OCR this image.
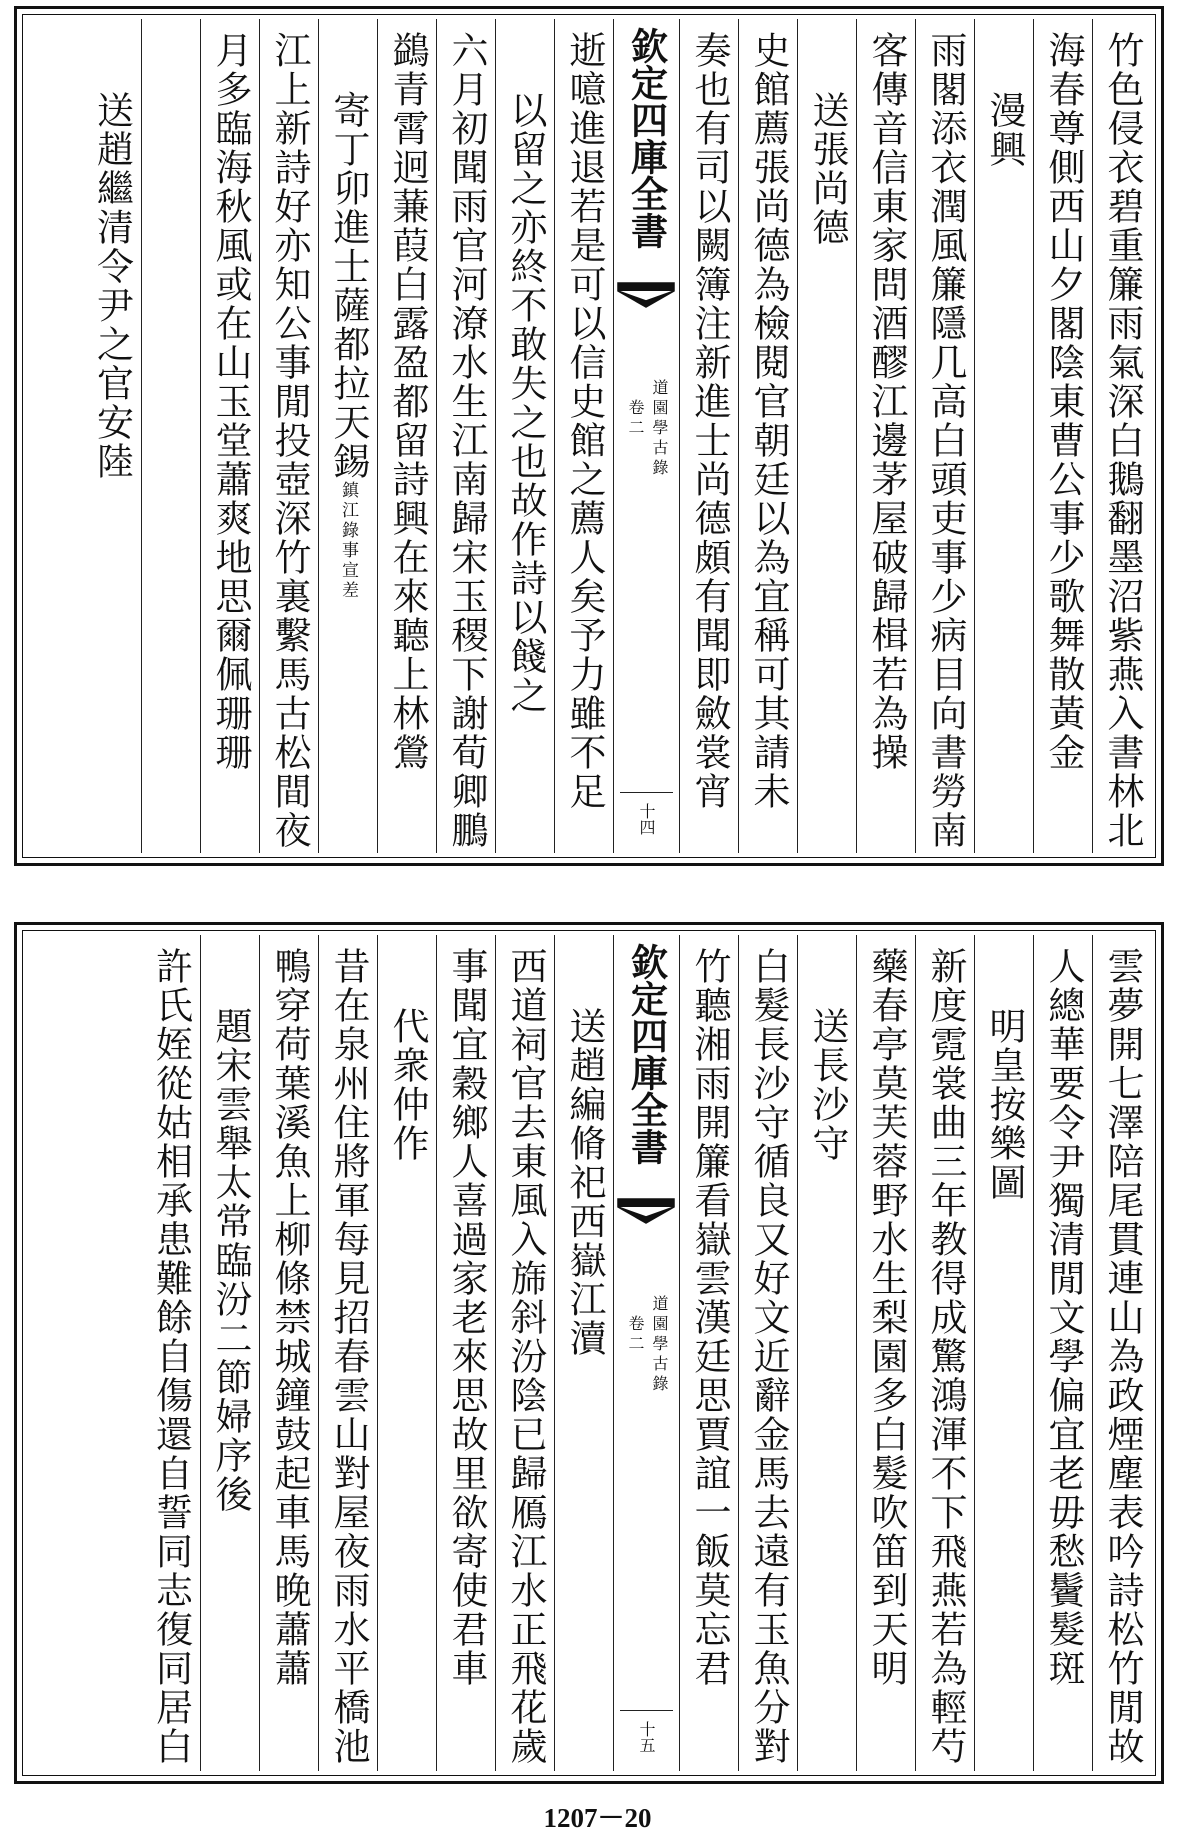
竹色侵衣碧重簾雨氣深白鵝翻墨沼紫燕入書林北
海春尊側西山夕閣陰東曹公事少歌舞散黃金
漫興
雨閣添衣潤風簾隱几高白頭吏事少病目向書勞南
客傳音信東家問酒醪江邊茅屋破歸楫若為操
送張尚德
史館薦張尚德為檢閱官朝廷以為宜稱可其請未
奏也有司以闕簿注新進士尚德頗有聞即斂裳宵
欽定四庫全書
道園學古錄
卷二
十四
逝噫進退若是可以信史館之薦人矣予力雖不足
以留之亦終不敢失之也故作詩以餞之
六月初聞雨官河潦水生江南歸宋玉稷下謝荀卿鵬
鷁青霄迥蒹葭白露盈都留詩興在來聽上林鶯
寄丁卯進士薩都拉天錫鎮江錄事宣差
江上新詩好亦知公事閒投壺深竹裏繫馬古松間夜
月多臨海秋風或在山玉堂蕭爽地思爾佩珊珊
送趙繼清令尹之官安陸
雲夢開七澤陪尾貫連山為政煙塵表吟詩松竹閒故
人總華要令尹獨清閒文學偏宜老毋愁鬢髮斑
明皇按樂圖
新度霓裳曲三年教得成驚鴻渾不下飛燕若為輕芍
藥春亭莫芙蓉野水生梨園多白髮吹笛到天明
送長沙守
白髮長沙守循良又好文近辭金馬去遠有玉魚分對
竹聽湘雨開簾看嶽雲漢廷思賈誼一飯莫忘君
欽定四庫全書
道園學古錄
卷二
十五
送趙編脩祀西嶽江瀆
西道祠官去東風入旆斜汾陰已歸鴈江水正飛花歲
事聞宜穀鄉人喜過家老來思故里欲寄使君車
代衆仲作
昔在泉州住將軍每見招春雲山對屋夜雨水平橋池
鴨穿荷葉溪魚上柳條禁城鐘鼓起車馬晚蕭蕭
題宋雲舉太常臨汾二節婦序後
許氏姪從姑相承患難餘自傷還自誓同志復同居白
1207－20
